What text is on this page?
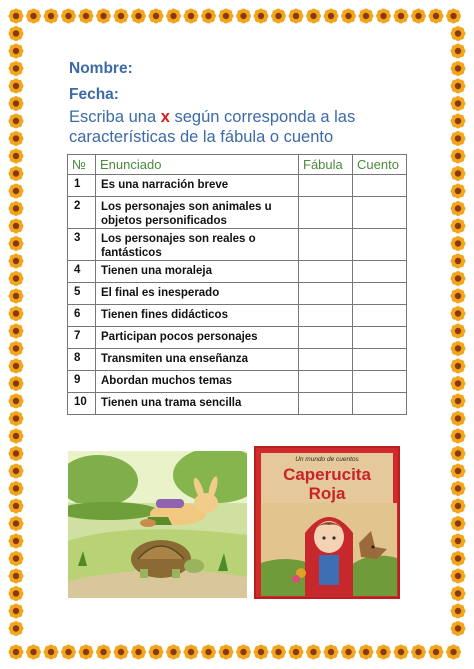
Nombre:
Fecha:
Escriba una x según corresponda a las características de la fábula o cuento
№	Enunciado	Fábula	Cuento
1	Es una narración breve		
2	Los personajes son animales u objetos personificados		
3	Los personajes son reales o fantásticos		
4	Tienen una moraleja		
5	El final es inesperado		
6	Tienen fines didácticos		
7	Participan pocos personajes		
8	Transmiten una enseñanza		
9	Abordan muchos temas		
10	Tienen una trama sencilla		
Un mundo de cuentos
Caperucita
Roja
